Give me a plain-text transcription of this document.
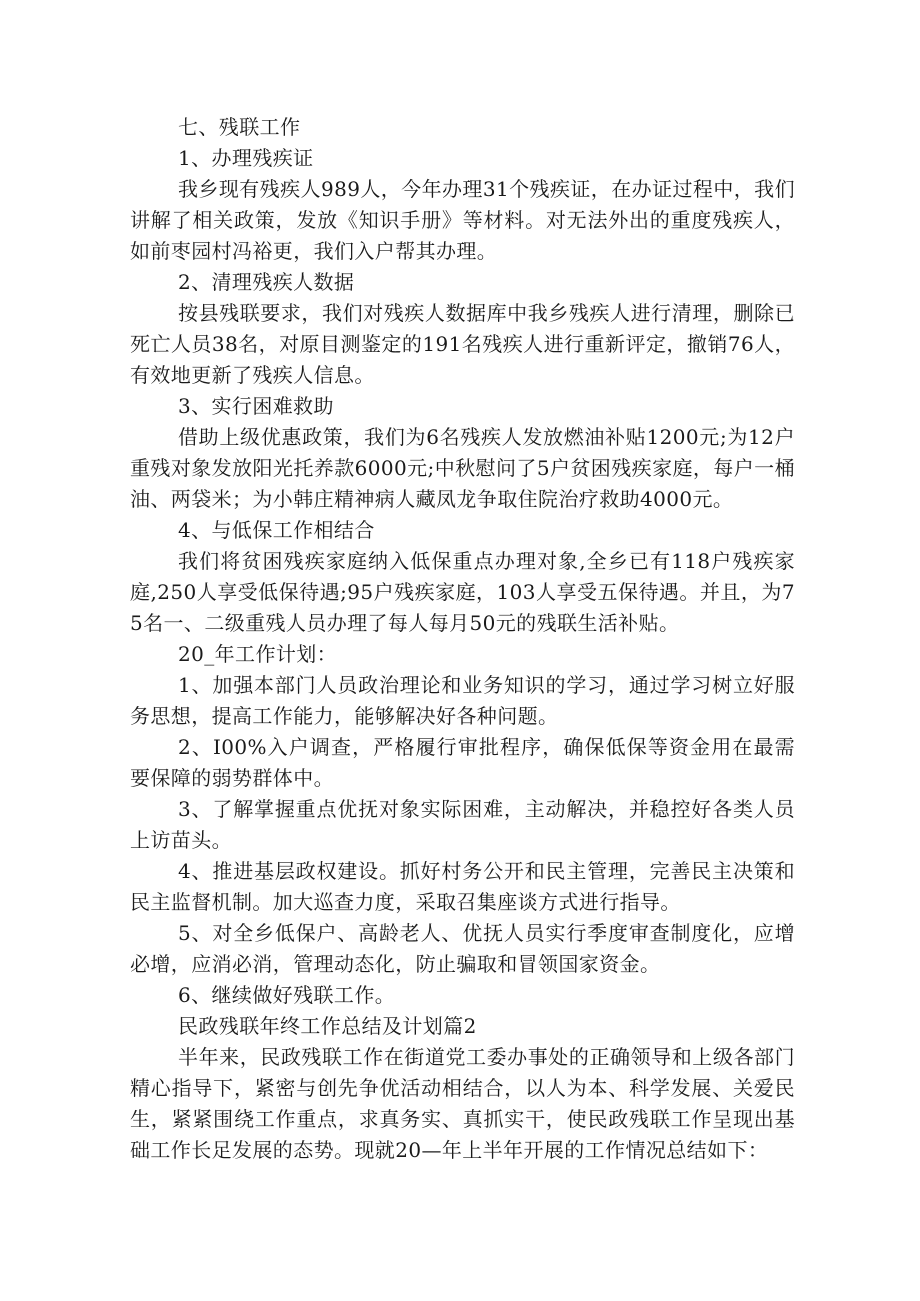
七、残联工作

1、办理残疾证

我乡现有残疾人989人，今年办理31个残疾证，在办证过程中，我们讲解了相关政策，发放《知识手册》等材料。对无法外出的重度残疾人，如前枣园村冯裕更，我们入户帮其办理。

2、清理残疾人数据

按县残联要求，我们对残疾人数据库中我乡残疾人进行清理，删除已死亡人员38名，对原目测鉴定的191名残疾人进行重新评定，撤销76人，有效地更新了残疾人信息。

3、实行困难救助

借助上级优惠政策，我们为6名残疾人发放燃油补贴1200元;为12户重残对象发放阳光托养款6000元;中秋慰问了5户贫困残疾家庭，每户一桶油、两袋米；为小韩庄精神病人藏凤龙争取住院治疗救助4000元。

4、与低保工作相结合

我们将贫困残疾家庭纳入低保重点办理对象,全乡已有118户残疾家庭,250人享受低保待遇;95户残疾家庭，103人享受五保待遇。并且，为75名一、二级重残人员办理了每人每月50元的残联生活补贴。

20_年工作计划：

1、加强本部门人员政治理论和业务知识的学习，通过学习树立好服务思想，提高工作能力，能够解决好各种问题。

2、I00%入户调查，严格履行审批程序，确保低保等资金用在最需要保障的弱势群体中。

3、了解掌握重点优抚对象实际困难，主动解决，并稳控好各类人员上访苗头。

4、推进基层政权建设。抓好村务公开和民主管理，完善民主决策和民主监督机制。加大巡查力度，采取召集座谈方式进行指导。

5、对全乡低保户、高龄老人、优抚人员实行季度审查制度化，应增必增，应消必消，管理动态化，防止骗取和冒领国家资金。

6、继续做好残联工作。

民政残联年终工作总结及计划篇2

半年来，民政残联工作在街道党工委办事处的正确领导和上级各部门精心指导下，紧密与创先争优活动相结合，以人为本、科学发展、关爱民生，紧紧围绕工作重点，求真务实、真抓实干，使民政残联工作呈现出基础工作长足发展的态势。现就20—年上半年开展的工作情况总结如下：
